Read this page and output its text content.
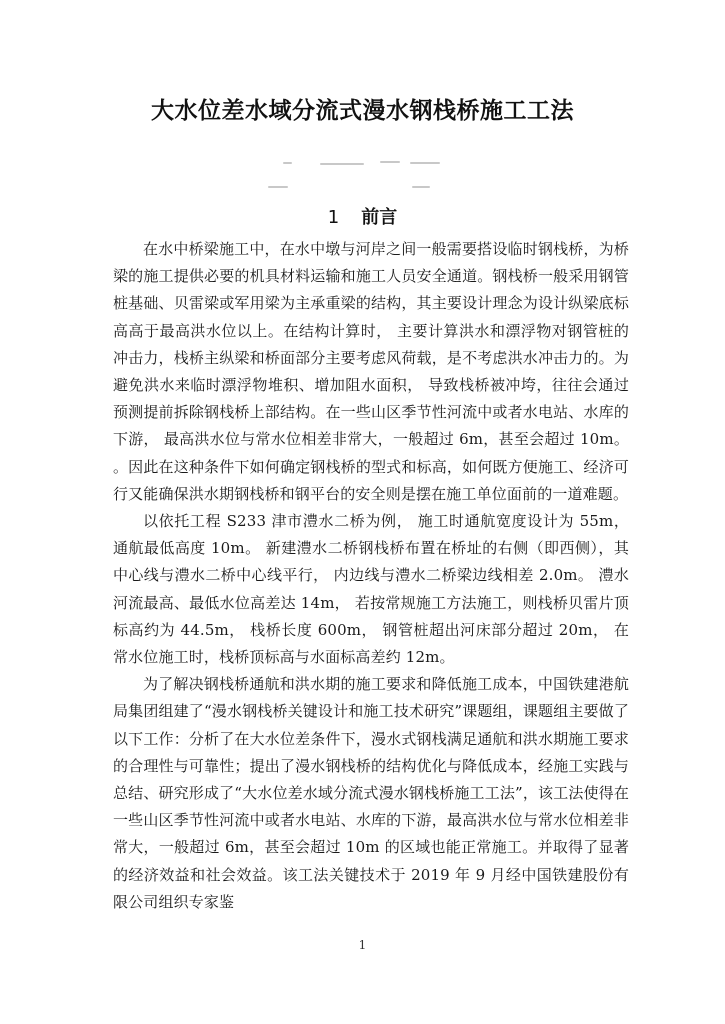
大水位差水域分流式漫水钢栈桥施工工法
1 前言

在水中桥梁施工中，在水中墩与河岸之间一般需要搭设临时钢栈桥，为桥梁的施工提供必要的机具材料运输和施工人员安全通道。钢栈桥一般采用钢管桩基础、贝雷梁或军用梁为主承重梁的结构，其主要设计理念为设计纵梁底标高高于最高洪水位以上。在结构计算时， 主要计算洪水和漂浮物对钢管桩的冲击力，栈桥主纵梁和桥面部分主要考虑风荷载，是不考虑洪水冲击力的。为避免洪水来临时漂浮物堆积、增加阻水面积， 导致栈桥被冲垮，往往会通过预测提前拆除钢栈桥上部结构。在一些山区季节性河流中或者水电站、水库的下游， 最高洪水位与常水位相差非常大，一般超过 6m，甚至会超过 10m。 。因此在这种条件下如何确定钢栈桥的型式和标高，如何既方便施工、经济可行又能确保洪水期钢栈桥和钢平台的安全则是摆在施工单位面前的一道难题。

以依托工程 S233 津市澧水二桥为例， 施工时通航宽度设计为 55m， 通航最低高度 10m。 新建澧水二桥钢栈桥布置在桥址的右侧（即西侧），其中心线与澧水二桥中心线平行， 内边线与澧水二桥梁边线相差 2.0m。 澧水河流最高、最低水位高差达 14m， 若按常规施工方法施工，则栈桥贝雷片顶标高约为 44.5m， 栈桥长度 600m， 钢管桩超出河床部分超过 20m， 在常水位施工时，栈桥顶标高与水面标高差约 12m。

为了解决钢栈桥通航和洪水期的施工要求和降低施工成本，中国铁建港航局集团组建了“漫水钢栈桥关键设计和施工技术研究”课题组，课题组主要做了以下工作：分析了在大水位差条件下，漫水式钢栈满足通航和洪水期施工要求的合理性与可靠性；提出了漫水钢栈桥的结构优化与降低成本，经施工实践与总结、研究形成了“大水位差水域分流式漫水钢栈桥施工工法”，该工法使得在一些山区季节性河流中或者水电站、水库的下游，最高洪水位与常水位相差非常大，一般超过 6m，甚至会超过 10m 的区域也能正常施工。并取得了显著的经济效益和社会效益。该工法关键技术于 2019 年 9 月经中国铁建股份有限公司组织专家鉴

1
